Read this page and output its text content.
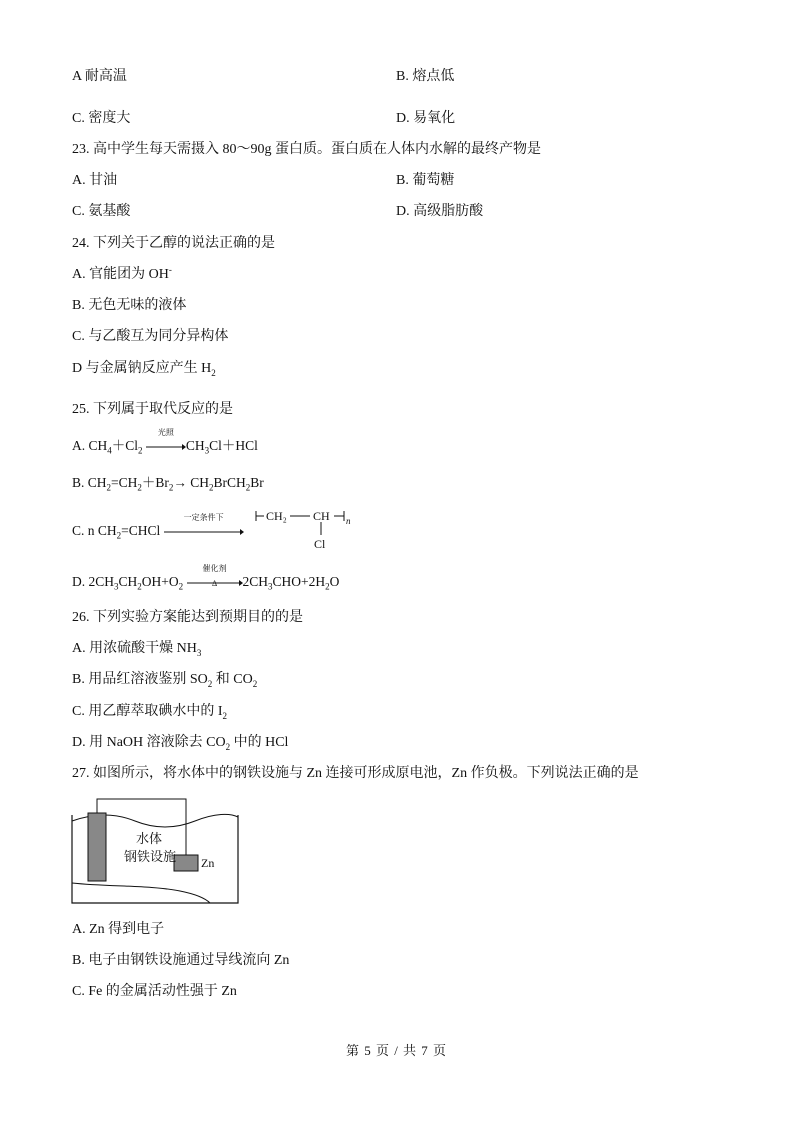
A 耐高温	B. 熔点低
C. 密度大	D. 易氧化
23. 高中学生每天需摄入 80～90g 蛋白质。蛋白质在人体内水解的最终产物是
A. 甘油	B. 葡萄糖
C. 氨基酸	D. 高级脂肪酸
24. 下列关于乙醇的说法正确的是
A. 官能团为 OH-
B. 无色无味的液体
C. 与乙酸互为同分异构体
D 与金属钠反应产生 $H_2$
25. 下列属于取代反应的是
A. $CH_4+Cl_2$
光照
$CH_3Cl+HCl$
B. $CH_2=CH_2+Br_2\to$ $CH_2BrCH_2Br$
C. n $CH_2=CHCl$
一定条件下	CH₂ CH n
Cl
D. $2CH_3CH_2OH+O_2$
催化剂
Δ	$2CH_3CHO+2H_2O$
26. 下列实验方案能达到预期目的的是
A. 用浓硫酸干燥 $NH_3$
B. 用品红溶液鉴别 $SO_2$ 和 $CO_2$
C. 用乙醇萃取碘水中的 $I_2$
D. 用 NaOH 溶液除去 $CO_2$ 中的 HCl
27. 如图所示，将水体中的钢铁设施与 Zn 连接可形成原电池，Zn 作负极。下列说法正确的是
水体
钢铁设施 Zn
A. Zn 得到电子
B. 电子由钢铁设施通过导线流向 Zn
C. Fe 的金属活动性强于 Zn
第 5 页 / 共 7 页
